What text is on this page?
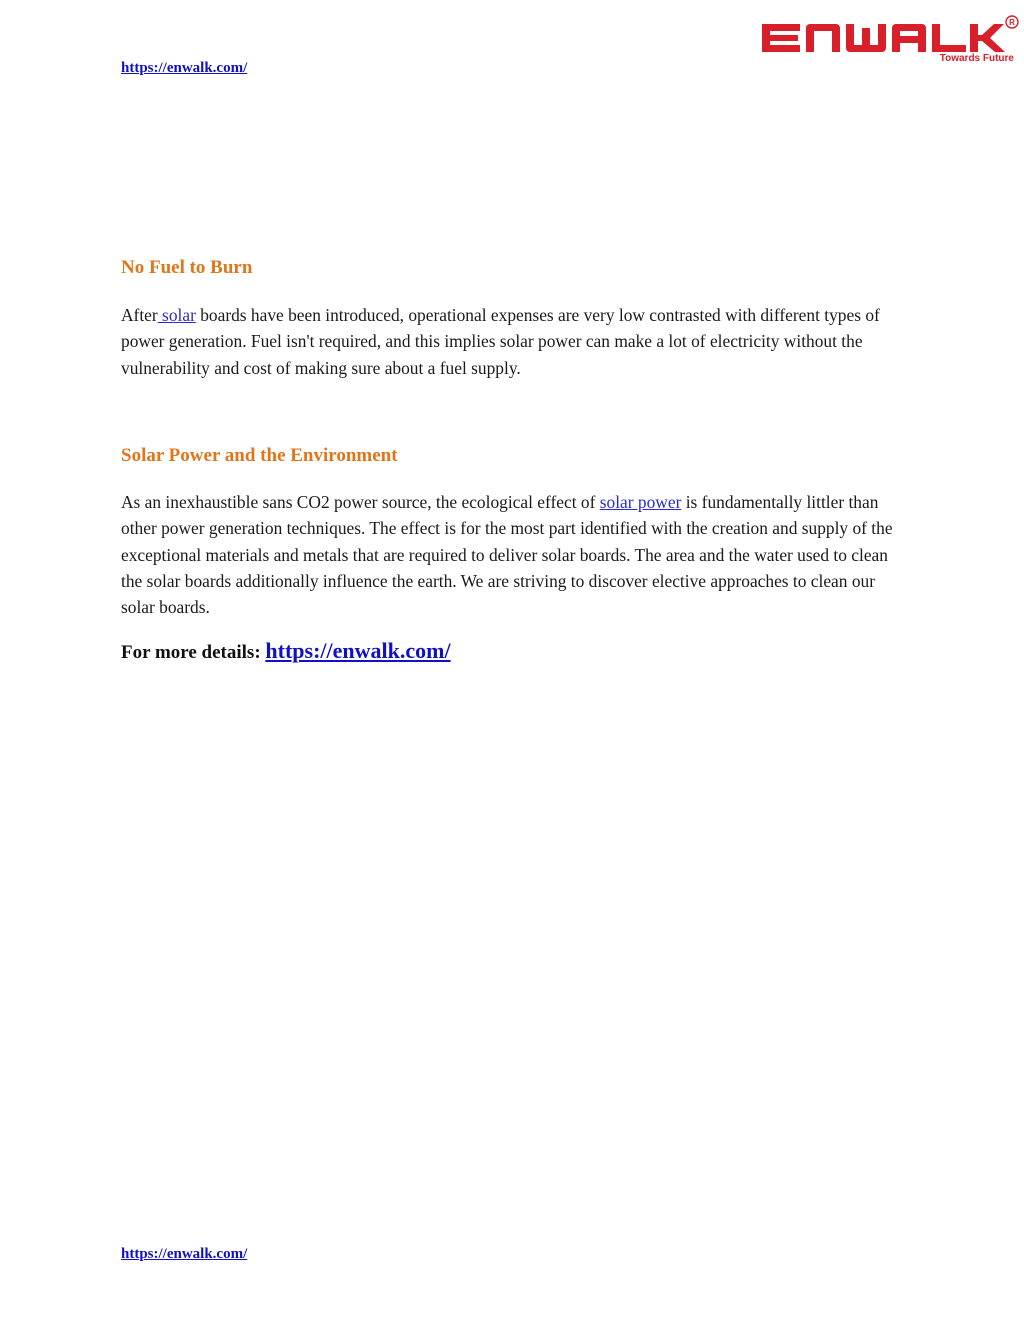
https://enwalk.com/
R
Towards Future
No Fuel to Burn

After solar boards have been introduced, operational expenses are very low contrasted with different types of power generation. Fuel isn't required, and this implies solar power can make a lot of electricity without the vulnerability and cost of making sure about a fuel supply.

Solar Power and the Environment

As an inexhaustible sans CO2 power source, the ecological effect of solar power is fundamentally littler than other power generation techniques. The effect is for the most part identified with the creation and supply of the exceptional materials and metals that are required to deliver solar boards. The area and the water used to clean the solar boards additionally influence the earth. We are striving to discover elective approaches to clean our solar boards.

For more details: https://enwalk.com/

https://enwalk.com/
